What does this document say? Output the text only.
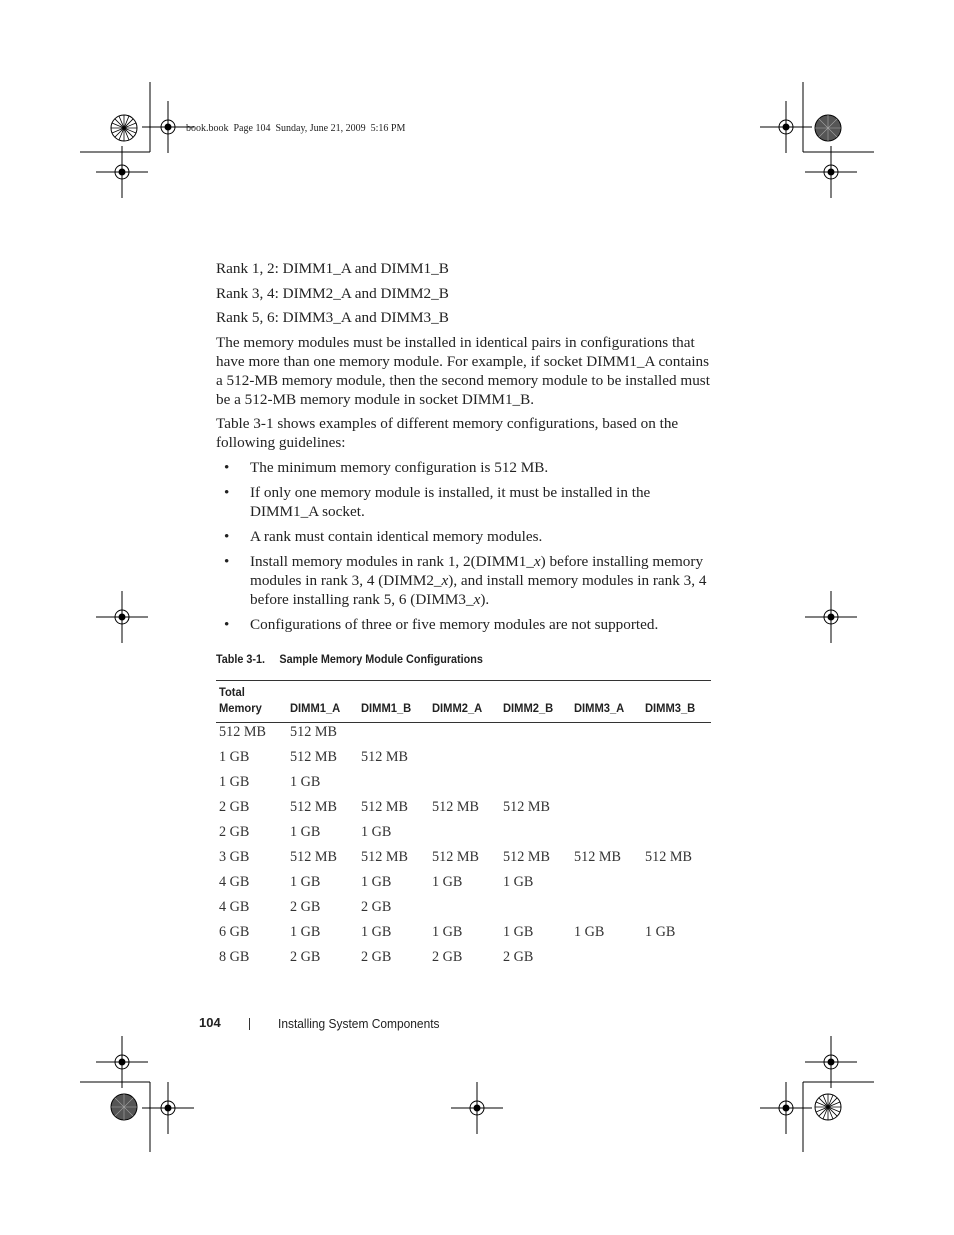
book.book  Page 104  Sunday, June 21, 2009  5:16 PM
Rank 1, 2: DIMM1_A and DIMM1_B
Rank 3, 4: DIMM2_A and DIMM2_B
Rank 5, 6: DIMM3_A and DIMM3_B
The memory modules must be installed in identical pairs in configurations that have more than one memory module. For example, if socket DIMM1_A contains a 512-MB memory module, then the second memory module to be installed must be a 512-MB memory module in socket DIMM1_B.
Table 3-1 shows examples of different memory configurations, based on the following guidelines:
• The minimum memory configuration is 512 MB.
• If only one memory module is installed, it must be installed in the DIMM1_A socket.
• A rank must contain identical memory modules.
• Install memory modules in rank 1, 2(DIMM1_x) before installing memory modules in rank 3, 4 (DIMM2_x), and install memory modules in rank 3, 4 before installing rank 5, 6 (DIMM3_x).
• Configurations of three or five memory modules are not supported.
Table 3-1. Sample Memory Module Configurations
Total Memory	DIMM1_A	DIMM1_B	DIMM2_A	DIMM2_B	DIMM3_A	DIMM3_B
512 MB	512 MB					
1 GB	512 MB	512 MB				
1 GB	1 GB					
2 GB	512 MB	512 MB	512 MB	512 MB		
2 GB	1 GB	1 GB				
3 GB	512 MB	512 MB	512 MB	512 MB	512 MB	512 MB
4 GB	1 GB	1 GB	1 GB	1 GB		
4 GB	2 GB	2 GB				
6 GB	1 GB	1 GB	1 GB	1 GB	1 GB	1 GB
8 GB	2 GB	2 GB	2 GB	2 GB		
104	Installing System Components
